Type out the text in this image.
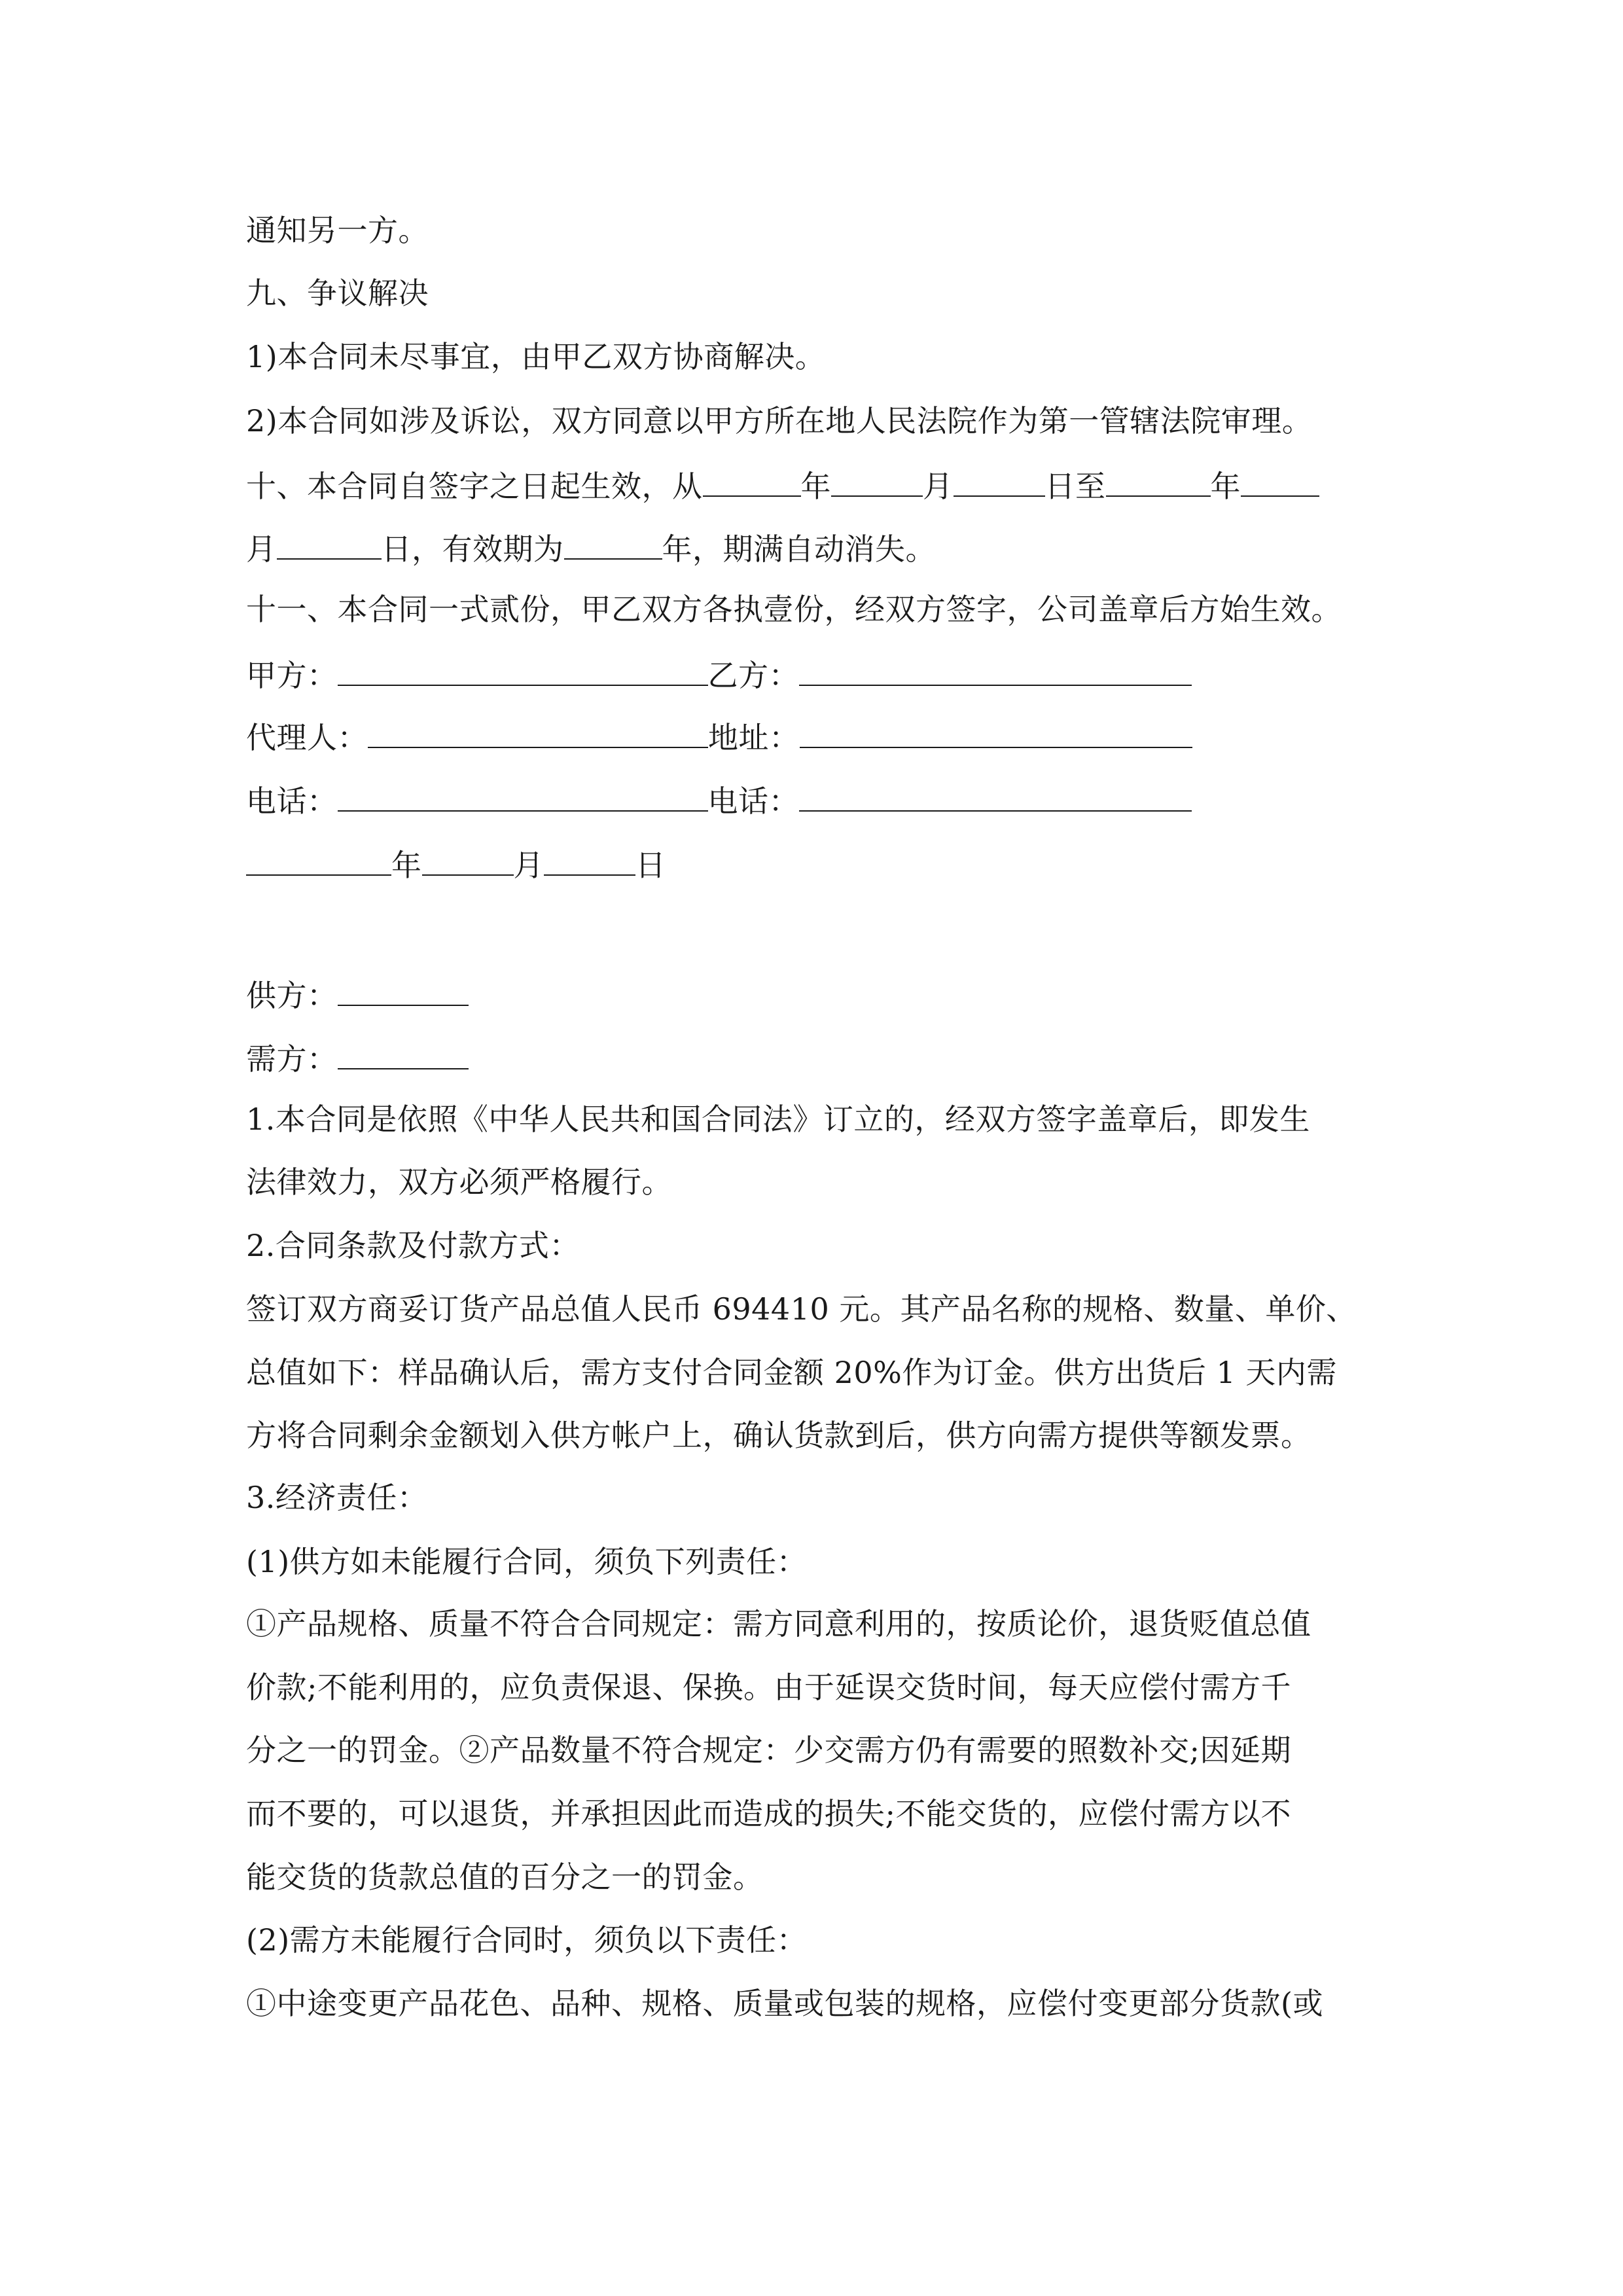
通知另一方。
九、争议解决
1)本合同未尽事宜，由甲乙双方协商解决。
2)本合同如涉及诉讼，双方同意以甲方所在地人民法院作为第一管辖法院审理。
十、本合同自签字之日起生效，从	年	月	日至	年
月	日，有效期为	年，期满自动消失。
十一、本合同一式贰份，甲乙双方各执壹份，经双方签字，公司盖章后方始生效。
甲方：	乙方：
代理人：	地址：
电话：	电话：
年	月	日
供方：
需方：
1.本合同是依照《中华人民共和国合同法》订立的，经双方签字盖章后，即发生
法律效力，双方必须严格履行。
2.合同条款及付款方式：
签订双方商妥订货产品总值人民币 694410 元。其产品名称的规格、数量、单价、
总值如下：样品确认后，需方支付合同金额 20%作为订金。供方出货后 1 天内需
方将合同剩余金额划入供方帐户上，确认货款到后，供方向需方提供等额发票。
3.经济责任：
(1)供方如未能履行合同，须负下列责任：
①产品规格、质量不符合合同规定：需方同意利用的，按质论价，退货贬值总值
价款;不能利用的，应负责保退、保换。由于延误交货时间，每天应偿付需方千
分之一的罚金。②产品数量不符合规定：少交需方仍有需要的照数补交;因延期
而不要的，可以退货，并承担因此而造成的损失;不能交货的，应偿付需方以不
能交货的货款总值的百分之一的罚金。
(2)需方未能履行合同时，须负以下责任：
①中途变更产品花色、品种、规格、质量或包装的规格，应偿付变更部分货款(或
